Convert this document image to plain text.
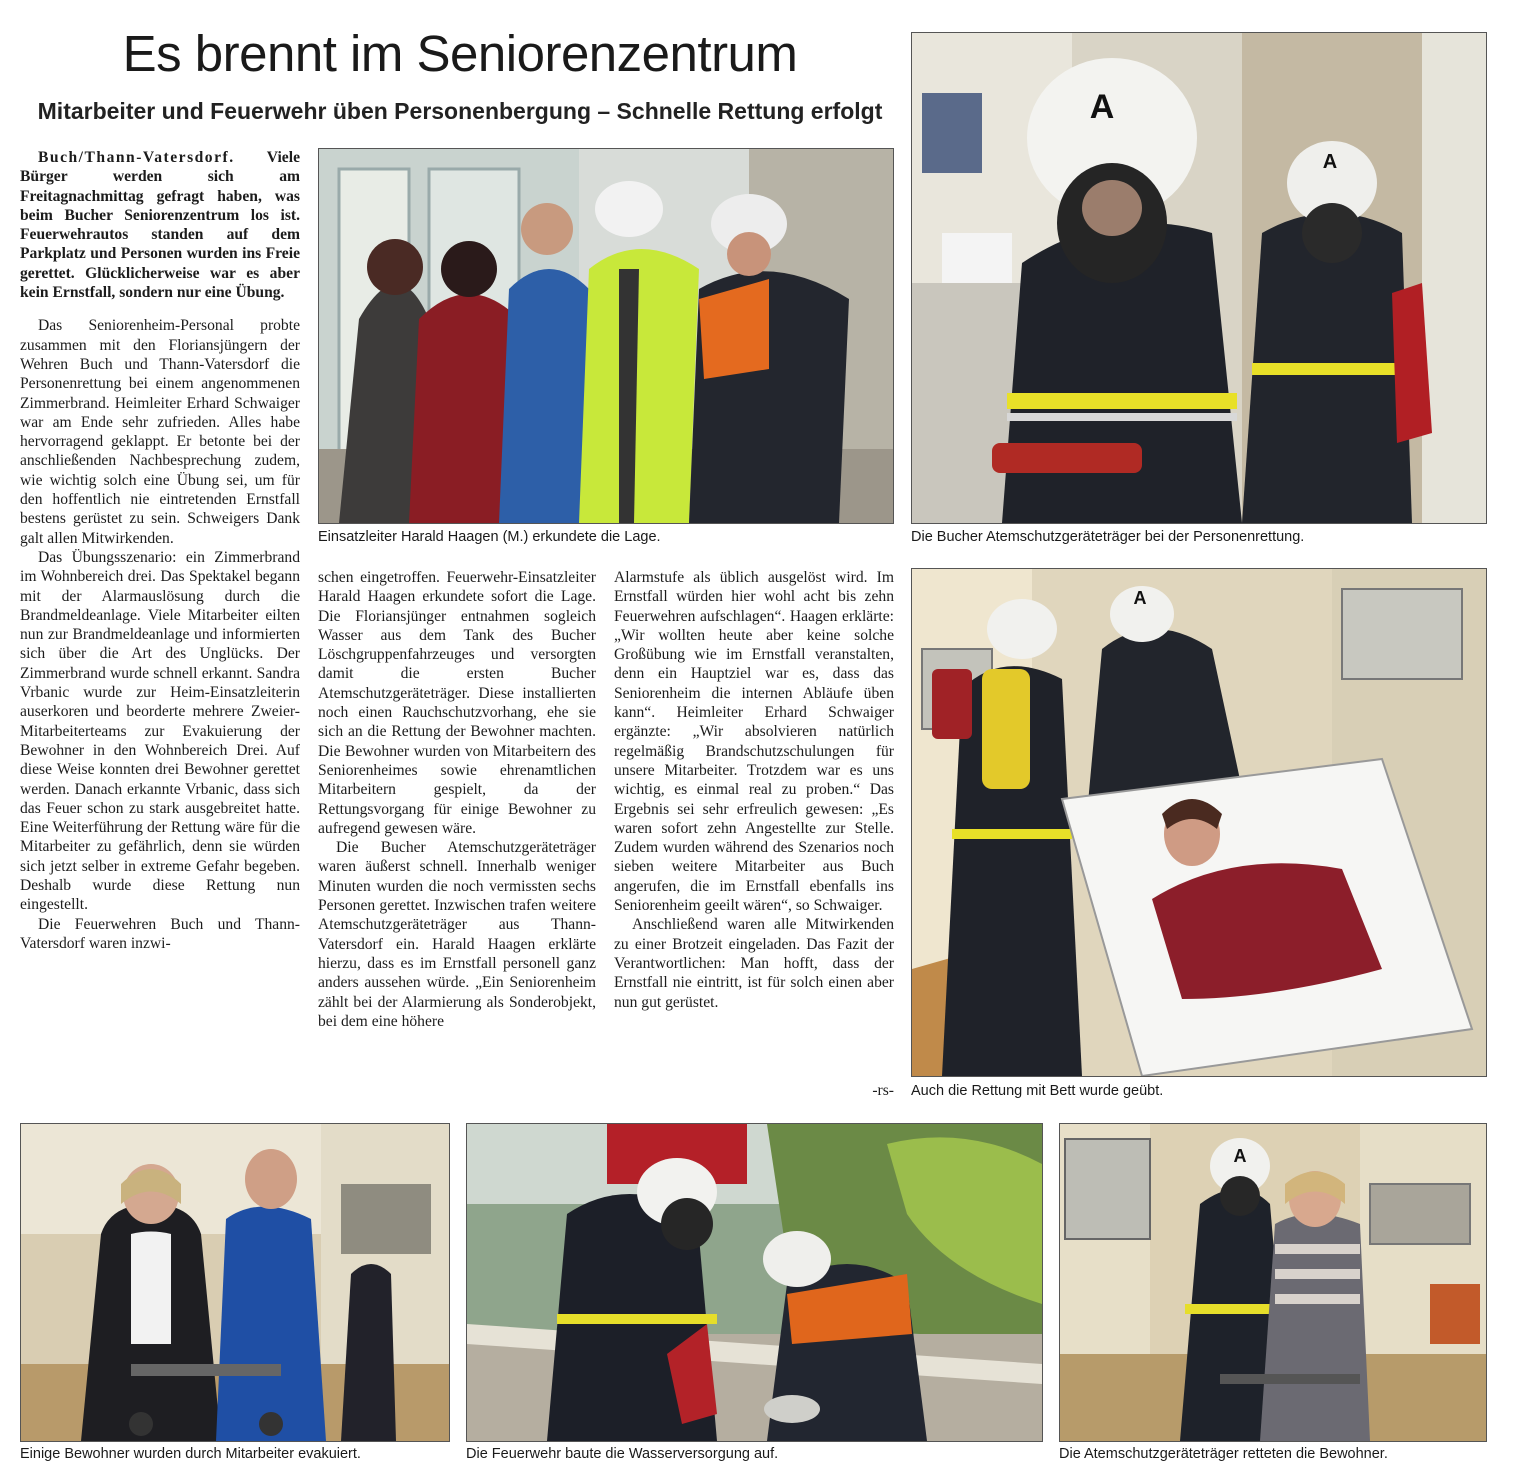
Es brennt im Seniorenzentrum
Mitarbeiter und Feuerwehr üben Personenbergung – Schnelle Rettung erfolgt

Buch/Thann-Vatersdorf. Viele Bürger werden sich am Freitagnachmittag gefragt haben, was beim Bucher Seniorenzentrum los ist. Feuerwehrautos standen auf dem Parkplatz und Personen wurden ins Freie gerettet. Glücklicherweise war es aber kein Ernstfall, sondern nur eine Übung.

Das Seniorenheim-Personal probte zusammen mit den Floriansjüngern der Wehren Buch und Thann-Vatersdorf die Personenrettung bei einem angenommenen Zimmerbrand. Heimleiter Erhard Schwaiger war am Ende sehr zufrieden. Alles habe hervorragend geklappt. Er betonte bei der anschließenden Nachbesprechung zudem, wie wichtig solch eine Übung sei, um für den hoffentlich nie eintretenden Ernstfall bestens gerüstet zu sein. Schweigers Dank galt allen Mitwirkenden.

Das Übungsszenario: ein Zimmerbrand im Wohnbereich drei. Das Spektakel begann mit der Alarmauslösung durch die Brandmeldeanlage. Viele Mitarbeiter eilten nun zur Brandmeldeanlage und informierten sich über die Art des Unglücks. Der Zimmerbrand wurde schnell erkannt. Sandra Vrbanic wurde zur Heim-Einsatzleiterin auserkoren und beorderte mehrere Zweier-Mitarbeiterteams zur Evakuierung der Bewohner in den Wohnbereich Drei. Auf diese Weise konnten drei Bewohner gerettet werden. Danach erkannte Vrbanic, dass sich das Feuer schon zu stark ausgebreitet hatte. Eine Weiterführung der Rettung wäre für die Mitarbeiter zu gefährlich, denn sie würden sich jetzt selber in extreme Gefahr begeben. Deshalb wurde diese Rettung nun eingestellt.

Die Feuerwehren Buch und Thann-Vatersdorf waren inzwi-

Einsatzleiter Harald Haagen (M.) erkundete die Lage.
A
A
Die Bucher Atemschutzgeräteträger bei der Personenrettung.

schen eingetroffen. Feuerwehr-Einsatzleiter Harald Haagen erkundete sofort die Lage. Die Floriansjünger entnahmen sogleich Wasser aus dem Tank des Bucher Löschgruppenfahrzeuges und versorgten damit die ersten Bucher Atemschutzgeräteträger. Diese installierten noch einen Rauchschutzvorhang, ehe sie sich an die Rettung der Bewohner machten. Die Bewohner wurden von Mitarbeitern des Seniorenheimes sowie ehrenamtlichen Mitarbeitern gespielt, da der Rettungsvorgang für einige Bewohner zu aufregend gewesen wäre.

Die Bucher Atemschutzgeräteträger waren äußerst schnell. Innerhalb weniger Minuten wurden die noch vermissten sechs Personen gerettet. Inzwischen trafen weitere Atemschutzgeräteträger aus Thann-Vatersdorf ein. Harald Haagen erklärte hierzu, dass es im Ernstfall personell ganz anders aussehen würde. „Ein Seniorenheim zählt bei der Alarmierung als Sonderobjekt, bei dem eine höhere

Alarmstufe als üblich ausgelöst wird. Im Ernstfall würden hier wohl acht bis zehn Feuerwehren aufschlagen“. Haagen erklärte: „Wir wollten heute aber keine solche Großübung wie im Ernstfall veranstalten, denn ein Hauptziel war es, dass das Seniorenheim die internen Abläufe üben kann“. Heimleiter Erhard Schwaiger ergänzte: „Wir absolvieren natürlich regelmäßig Brandschutzschulungen für unsere Mitarbeiter. Trotzdem war es uns wichtig, es einmal real zu proben.“ Das Ergebnis sei sehr erfreulich gewesen: „Es waren sofort zehn Angestellte zur Stelle. Zudem wurden während des Szenarios noch sieben weitere Mitarbeiter aus Buch angerufen, die im Ernstfall ebenfalls ins Seniorenheim geeilt wären“, so Schwaiger.

Anschließend waren alle Mitwirkenden zu einer Brotzeit eingeladen. Das Fazit der Verantwortlichen: Man hofft, dass der Ernstfall nie eintritt, ist für solch einen aber nun gut gerüstet.

-rs-
A
Auch die Rettung mit Bett wurde geübt.
Einige Bewohner wurden durch Mitarbeiter evakuiert.	Die Feuerwehr baute die Wasserversorgung auf.
A
Die Atemschutzgeräteträger retteten die Bewohner.
